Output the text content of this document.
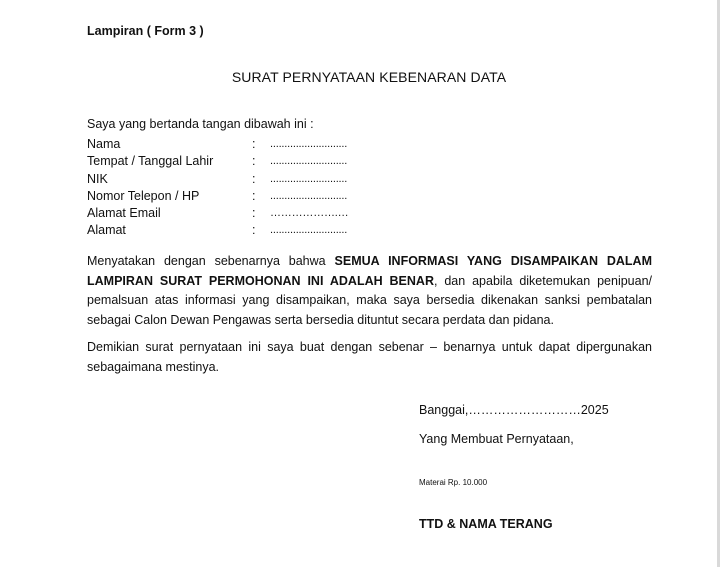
Lampiran ( Form 3 )
SURAT PERNYATAAN KEBENARAN DATA
Saya yang bertanda tangan dibawah ini :
Nama	: ...........................
Tempat / Tanggal Lahir	: ...........................
NIK	: ...........................
Nomor Telepon / HP	: ...........................
Alamat Email	: ……………….…
Alamat	: ...........................
Menyatakan dengan sebenarnya bahwa SEMUA INFORMASI YANG DISAMPAIKAN DALAM
LAMPIRAN SURAT PERMOHONAN INI ADALAH BENAR, dan apabila diketemukan penipuan/
pemalsuan atas informasi yang disampaikan, maka saya bersedia dikenakan sanksi pembatalan
sebagai Calon Dewan Pengawas serta bersedia dituntut secara perdata dan pidana.
Demikian surat pernyataan ini saya buat dengan sebenar – benarnya untuk dapat dipergunakan
sebagaimana mestinya.
Banggai,………………………2025
Yang Membuat Pernyataan,
Materai Rp. 10.000
TTD & NAMA TERANG
